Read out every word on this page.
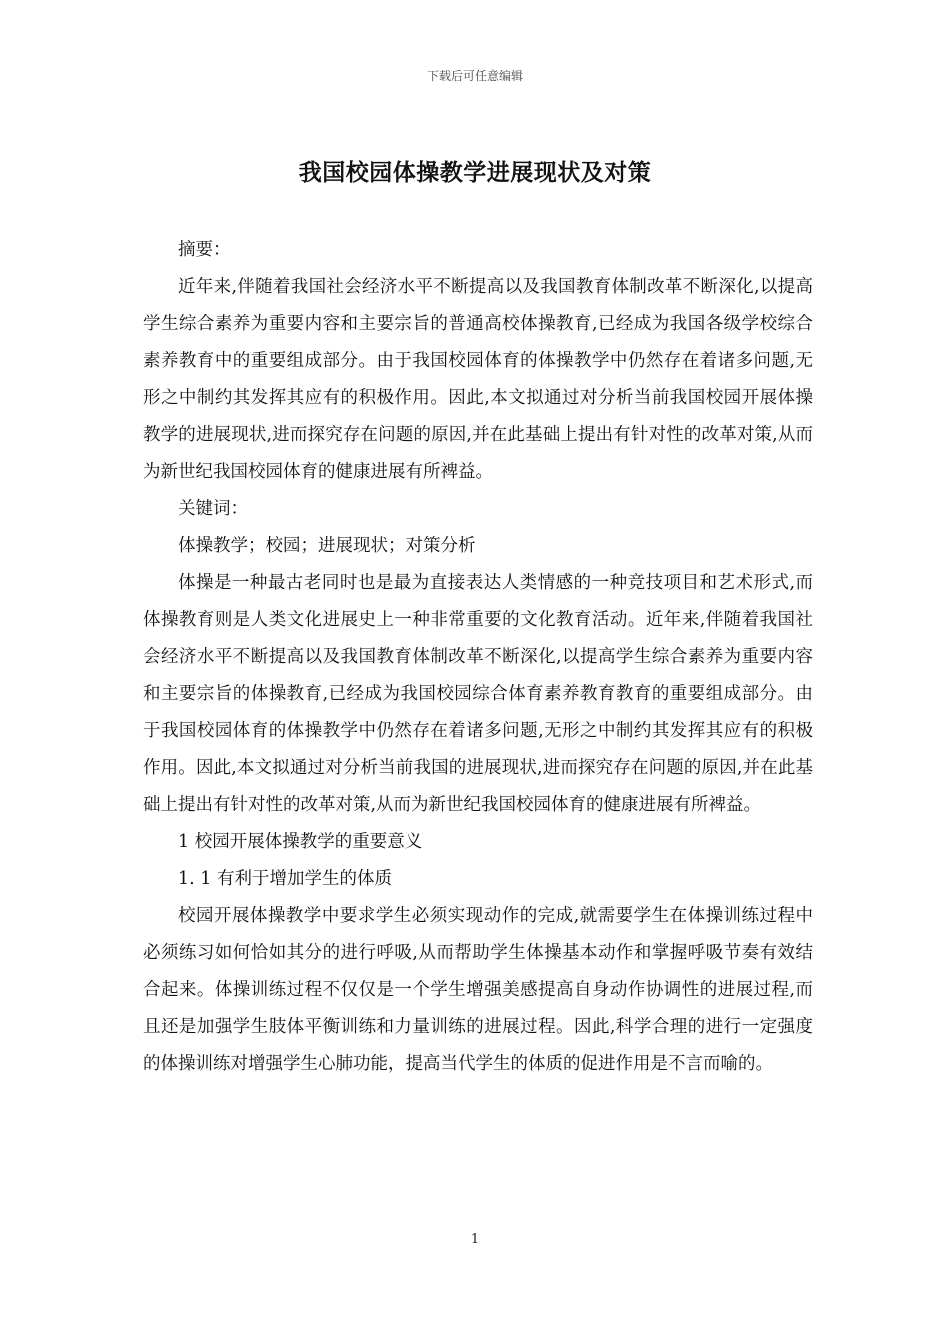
下载后可任意编辑
我国校园体操教学进展现状及对策

摘要：

近年来,伴随着我国社会经济水平不断提高以及我国教育体制改革不断深化,以提高学生综合素养为重要内容和主要宗旨的普通高校体操教育,已经成为我国各级学校综合素养教育中的重要组成部分。由于我国校园体育的体操教学中仍然存在着诸多问题,无形之中制约其发挥其应有的积极作用。因此,本文拟通过对分析当前我国校园开展体操教学的进展现状,进而探究存在问题的原因,并在此基础上提出有针对性的改革对策,从而为新世纪我国校园体育的健康进展有所裨益。

关键词：

体操教学；校园；进展现状；对策分析

体操是一种最古老同时也是最为直接表达人类情感的一种竞技项目和艺术形式,而体操教育则是人类文化进展史上一种非常重要的文化教育活动。近年来,伴随着我国社会经济水平不断提高以及我国教育体制改革不断深化,以提高学生综合素养为重要内容和主要宗旨的体操教育,已经成为我国校园综合体育素养教育教育的重要组成部分。由于我国校园体育的体操教学中仍然存在着诸多问题,无形之中制约其发挥其应有的积极作用。因此,本文拟通过对分析当前我国的进展现状,进而探究存在问题的原因,并在此基础上提出有针对性的改革对策,从而为新世纪我国校园体育的健康进展有所裨益。

1 校园开展体操教学的重要意义

1. 1 有利于增加学生的体质

校园开展体操教学中要求学生必须实现动作的完成,就需要学生在体操训练过程中必须练习如何恰如其分的进行呼吸,从而帮助学生体操基本动作和掌握呼吸节奏有效结合起来。体操训练过程不仅仅是一个学生增强美感提高自身动作协调性的进展过程,而且还是加强学生肢体平衡训练和力量训练的进展过程。因此,科学合理的进行一定强度的体操训练对增强学生心肺功能，提高当代学生的体质的促进作用是不言而喻的。

1
